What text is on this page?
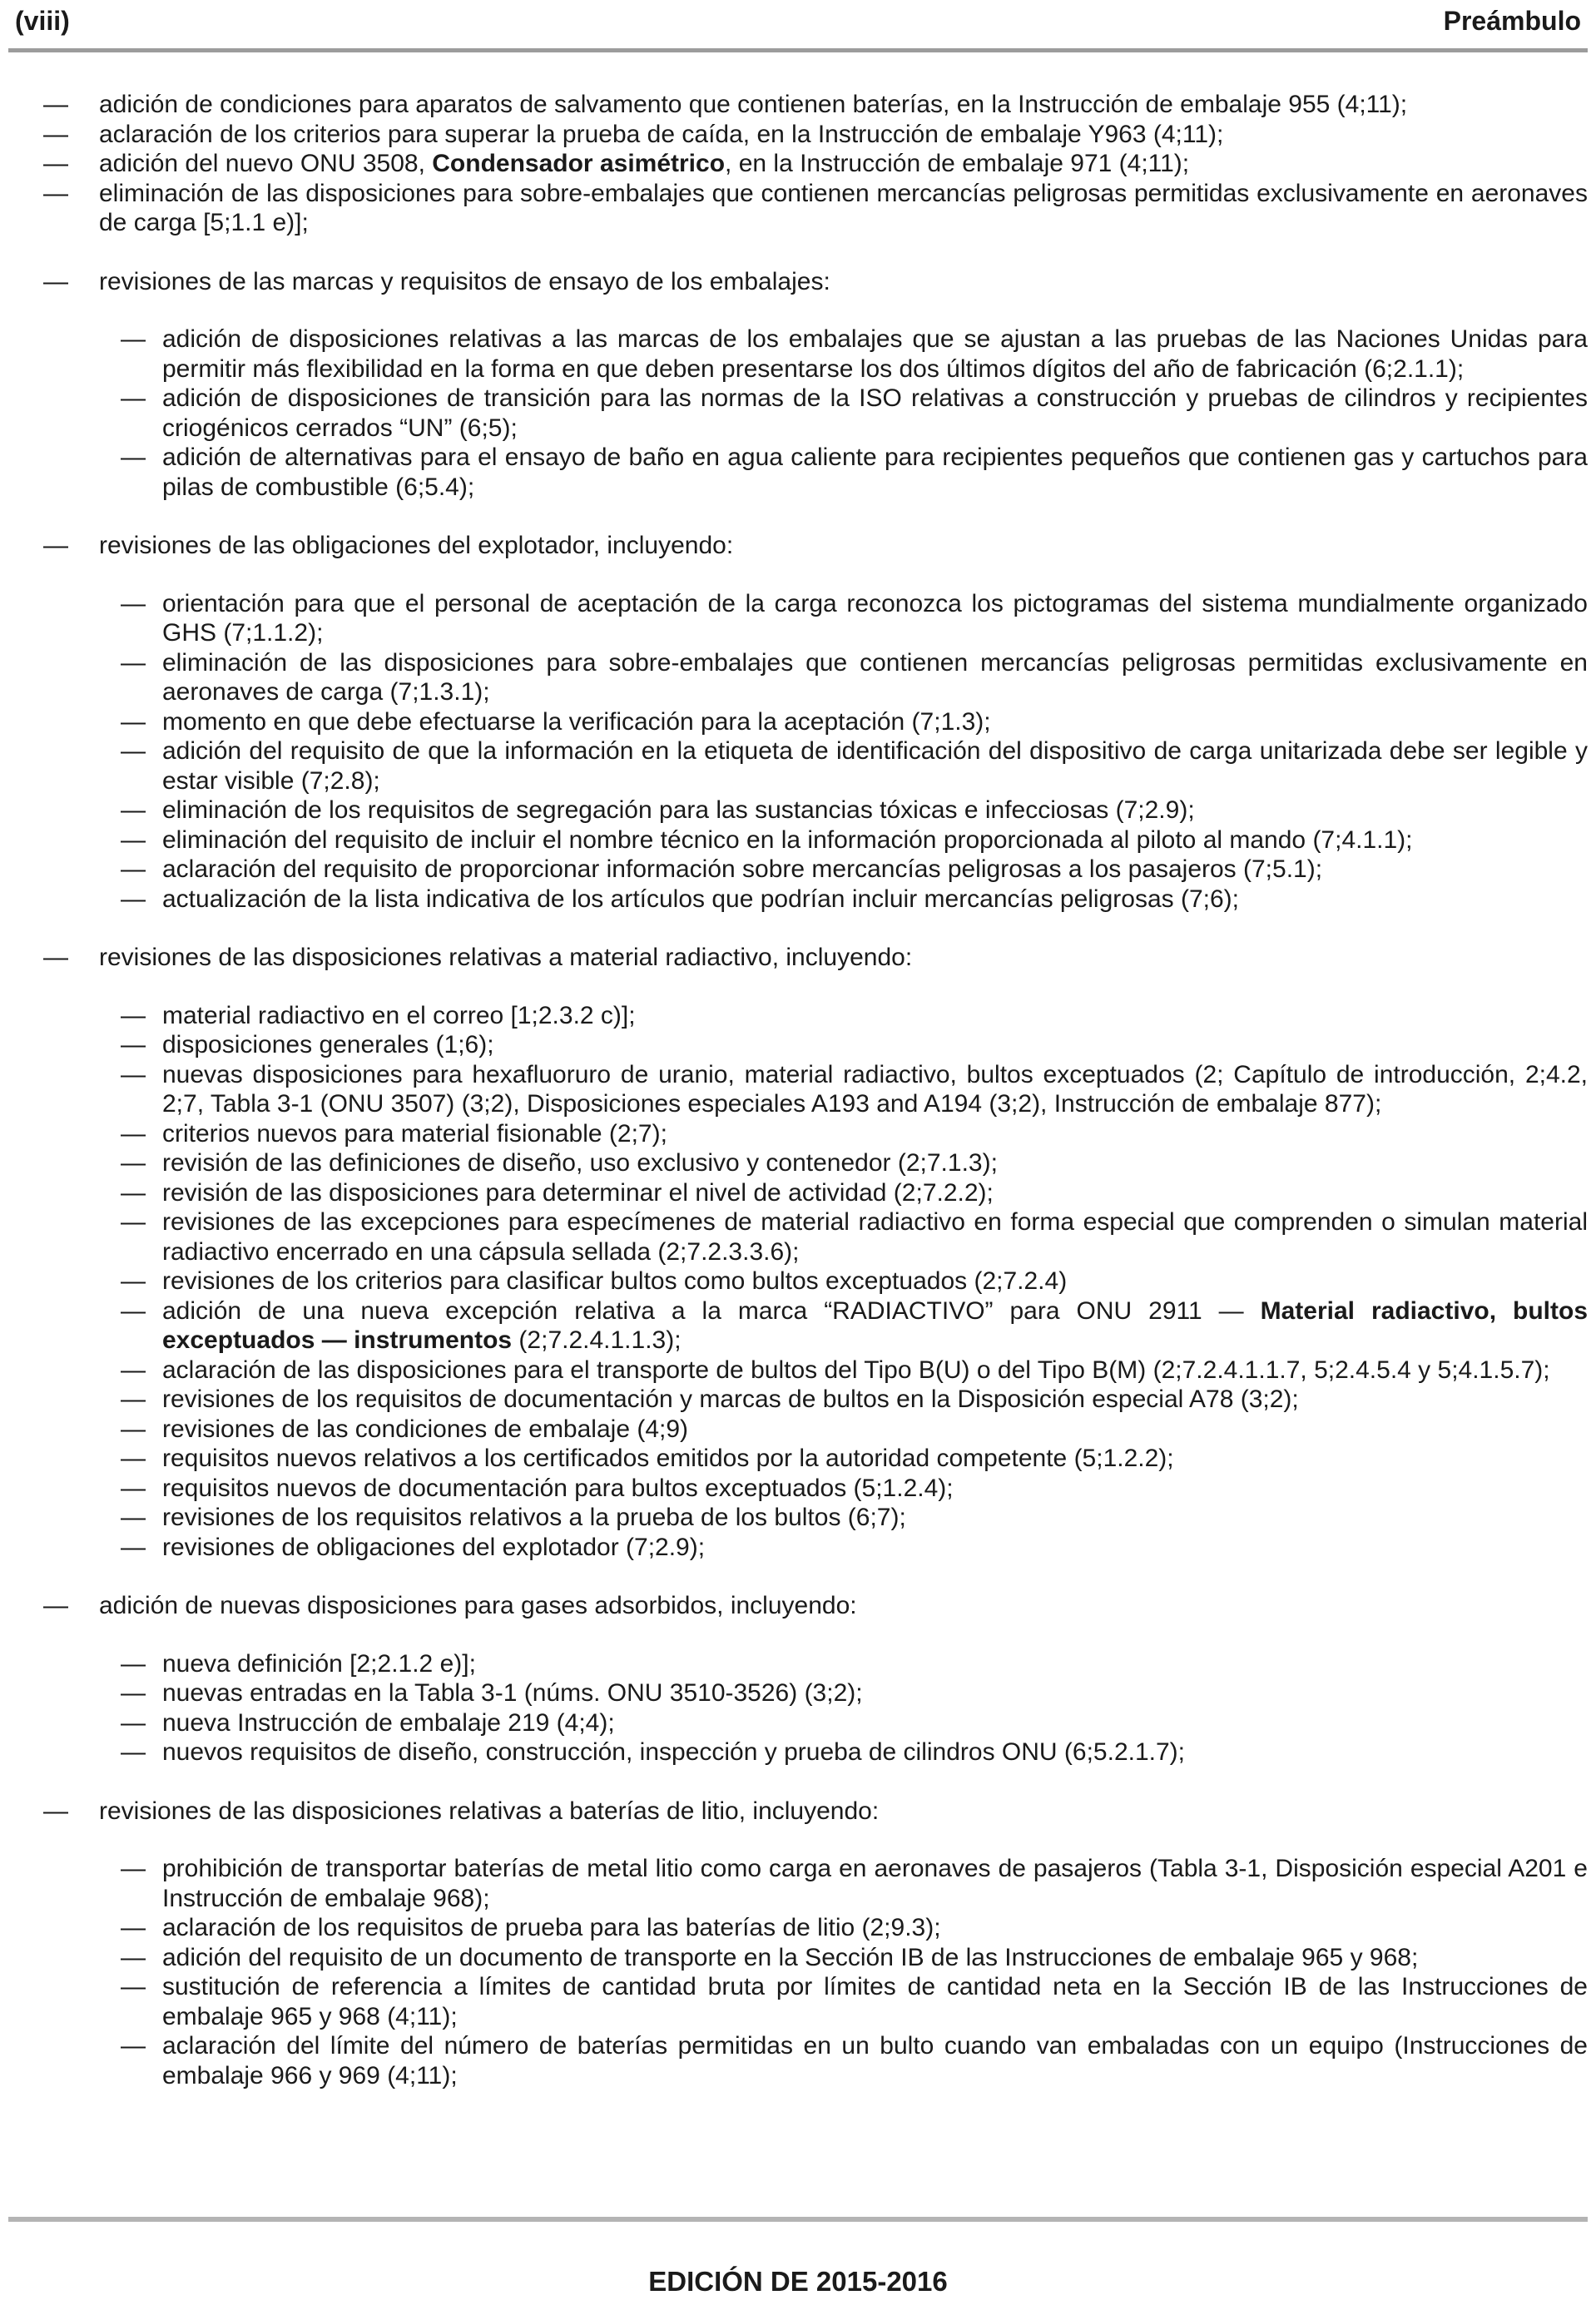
(viii)	Preámbulo
— adición de condiciones para aparatos de salvamento que contienen baterías, en la Instrucción de embalaje 955 (4;11);
— aclaración de los criterios para superar la prueba de caída, en la Instrucción de embalaje Y963 (4;11);
— adición del nuevo ONU 3508, Condensador asimétrico, en la Instrucción de embalaje 971 (4;11);
— eliminación de las disposiciones para sobre-embalajes que contienen mercancías peligrosas permitidas exclusivamente en aeronaves de carga [5;1.1 e)];
— revisiones de las marcas y requisitos de ensayo de los embalajes:
— adición de disposiciones relativas a las marcas de los embalajes que se ajustan a las pruebas de las Naciones Unidas para permitir más flexibilidad en la forma en que deben presentarse los dos últimos dígitos del año de fabricación (6;2.1.1);
— adición de disposiciones de transición para las normas de la ISO relativas a construcción y pruebas de cilindros y recipientes criogénicos cerrados “UN” (6;5);
— adición de alternativas para el ensayo de baño en agua caliente para recipientes pequeños que contienen gas y cartuchos para pilas de combustible (6;5.4);
— revisiones de las obligaciones del explotador, incluyendo:
— orientación para que el personal de aceptación de la carga reconozca los pictogramas del sistema mundialmente organizado GHS (7;1.1.2);
— eliminación de las disposiciones para sobre-embalajes que contienen mercancías peligrosas permitidas exclusivamente en aeronaves de carga (7;1.3.1);
— momento en que debe efectuarse la verificación para la aceptación (7;1.3);
— adición del requisito de que la información en la etiqueta de identificación del dispositivo de carga unitarizada debe ser legible y estar visible (7;2.8);
— eliminación de los requisitos de segregación para las sustancias tóxicas e infecciosas (7;2.9);
— eliminación del requisito de incluir el nombre técnico en la información proporcionada al piloto al mando (7;4.1.1);
— aclaración del requisito de proporcionar información sobre mercancías peligrosas a los pasajeros (7;5.1);
— actualización de la lista indicativa de los artículos que podrían incluir mercancías peligrosas (7;6);
— revisiones de las disposiciones relativas a material radiactivo, incluyendo:
— material radiactivo en el correo [1;2.3.2 c)];
— disposiciones generales (1;6);
— nuevas disposiciones para hexafluoruro de uranio, material radiactivo, bultos exceptuados (2; Capítulo de introducción, 2;4.2, 2;7, Tabla 3-1 (ONU 3507) (3;2), Disposiciones especiales A193 and A194 (3;2), Instrucción de embalaje 877);
— criterios nuevos para material fisionable (2;7);
— revisión de las definiciones de diseño, uso exclusivo y contenedor (2;7.1.3);
— revisión de las disposiciones para determinar el nivel de actividad (2;7.2.2);
— revisiones de las excepciones para especímenes de material radiactivo en forma especial que comprenden o simulan material radiactivo encerrado en una cápsula sellada (2;7.2.3.3.6);
— revisiones de los criterios para clasificar bultos como bultos exceptuados (2;7.2.4)
— adición de una nueva excepción relativa a la marca “RADIACTIVO” para ONU 2911 — Material radiactivo, bultos exceptuados — instrumentos (2;7.2.4.1.1.3);
— aclaración de las disposiciones para el transporte de bultos del Tipo B(U) o del Tipo B(M) (2;7.2.4.1.1.7, 5;2.4.5.4 y 5;4.1.5.7);
— revisiones de los requisitos de documentación y marcas de bultos en la Disposición especial A78 (3;2);
— revisiones de las condiciones de embalaje (4;9)
— requisitos nuevos relativos a los certificados emitidos por la autoridad competente (5;1.2.2);
— requisitos nuevos de documentación para bultos exceptuados (5;1.2.4);
— revisiones de los requisitos relativos a la prueba de los bultos (6;7);
— revisiones de obligaciones del explotador (7;2.9);
— adición de nuevas disposiciones para gases adsorbidos, incluyendo:
— nueva definición [2;2.1.2 e)];
— nuevas entradas en la Tabla 3-1 (núms. ONU 3510-3526) (3;2);
— nueva Instrucción de embalaje 219 (4;4);
— nuevos requisitos de diseño, construcción, inspección y prueba de cilindros ONU (6;5.2.1.7);
— revisiones de las disposiciones relativas a baterías de litio, incluyendo:
— prohibición de transportar baterías de metal litio como carga en aeronaves de pasajeros (Tabla 3-1, Disposición especial A201 e Instrucción de embalaje 968);
— aclaración de los requisitos de prueba para las baterías de litio (2;9.3);
— adición del requisito de un documento de transporte en la Sección IB de las Instrucciones de embalaje 965 y 968;
— sustitución de referencia a límites de cantidad bruta por límites de cantidad neta en la Sección IB de las Instrucciones de embalaje 965 y 968 (4;11);
— aclaración del límite del número de baterías permitidas en un bulto cuando van embaladas con un equipo (Instrucciones de embalaje 966 y 969 (4;11);
EDICIÓN DE 2015-2016
